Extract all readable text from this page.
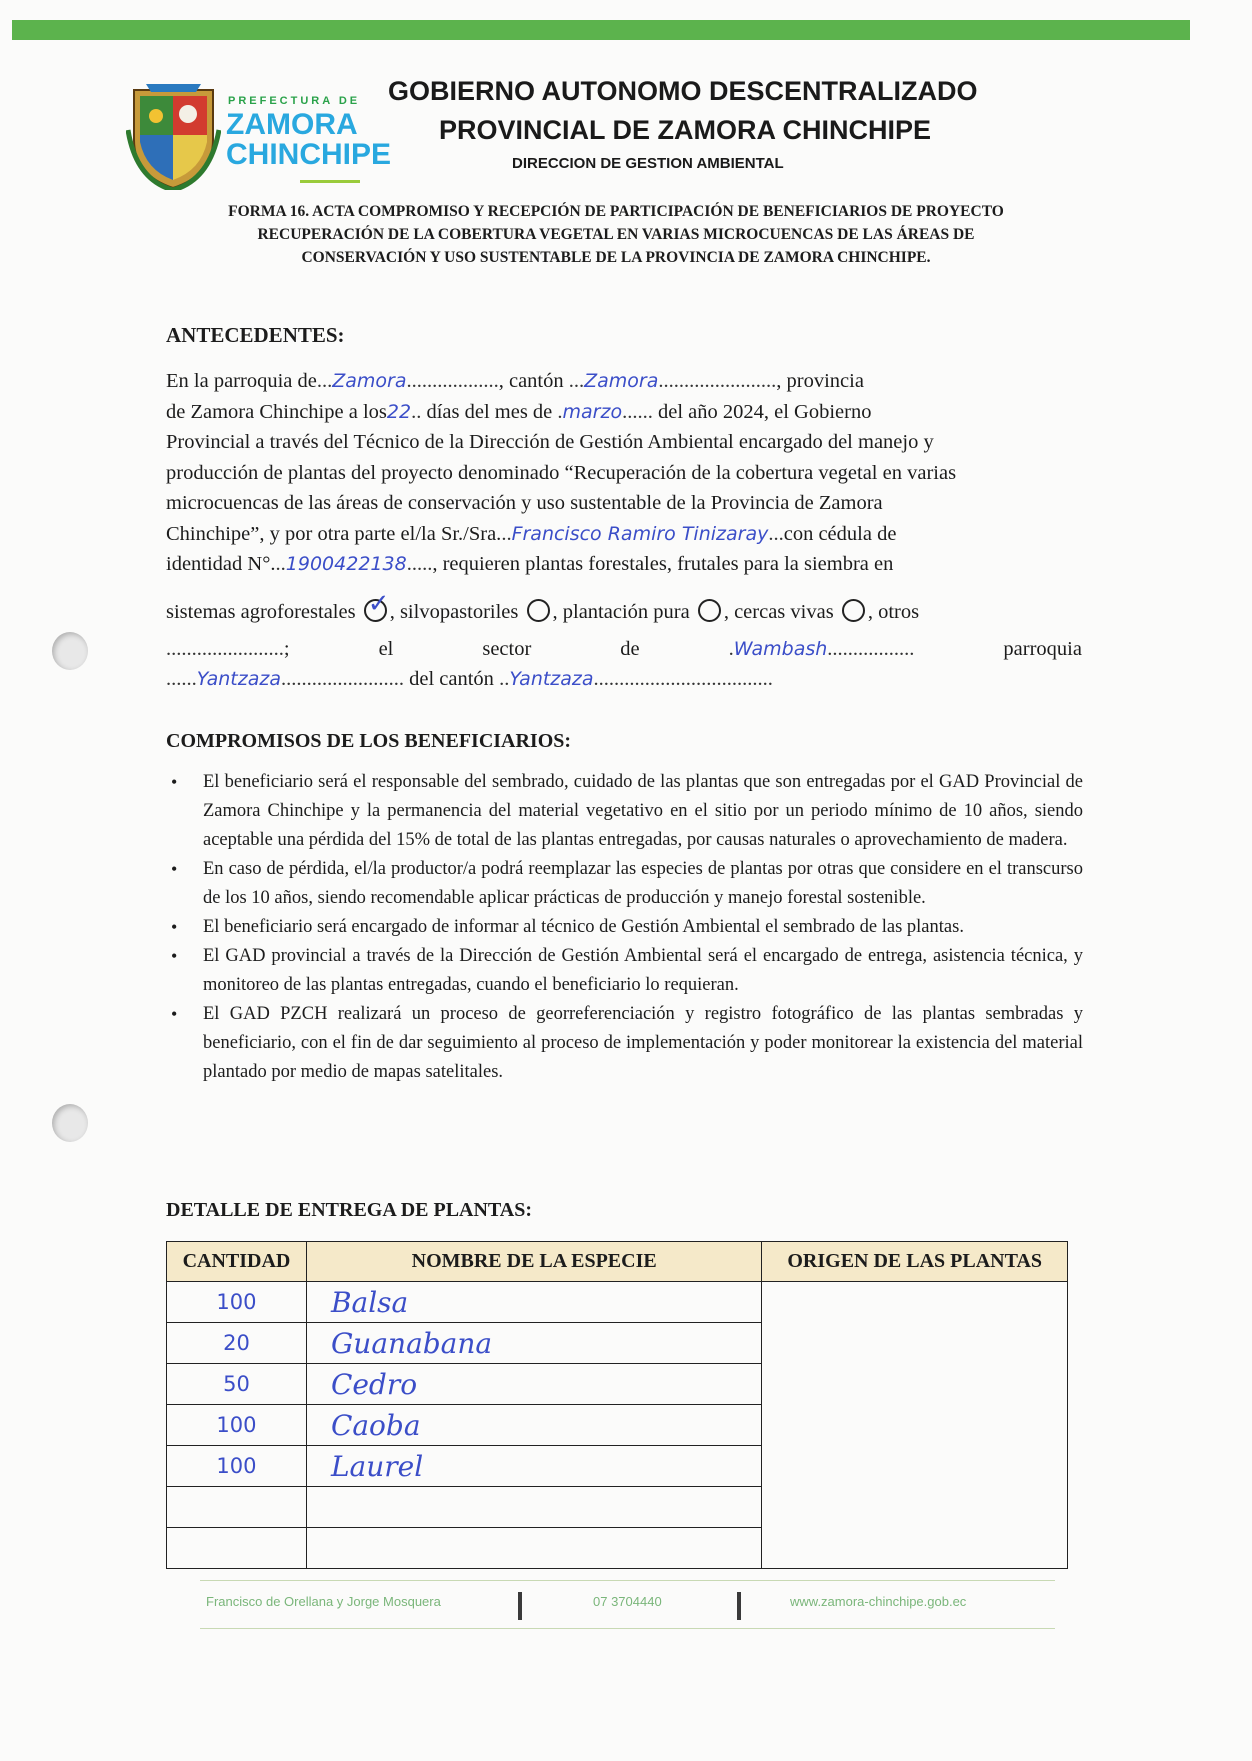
PREFECTURA DE
ZAMORA
CHINCHIPE
GOBIERNO AUTONOMO DESCENTRALIZADO
PROVINCIAL DE ZAMORA CHINCHIPE
DIRECCION DE GESTION AMBIENTAL
FORMA 16. ACTA COMPROMISO Y RECEPCIÓN DE PARTICIPACIÓN DE BENEFICIARIOS DE PROYECTO
RECUPERACIÓN DE LA COBERTURA VEGETAL EN VARIAS MICROCUENCAS DE LAS ÁREAS DE
CONSERVACIÓN Y USO SUSTENTABLE DE LA PROVINCIA DE ZAMORA CHINCHIPE.
ANTECEDENTES:
En la parroquia de...Zamora.................., cantón ...Zamora......................., provincia
de Zamora Chinchipe a los22.. días del mes de .marzo...... del año 2024, el Gobierno
Provincial a través del Técnico de la Dirección de Gestión Ambiental encargado del manejo y
producción de plantas del proyecto denominado “Recuperación de la cobertura vegetal en varias
microcuencas de las áreas de conservación y uso sustentable de la Provincia de Zamora
Chinchipe”, y por otra parte el/la Sr./Sra...Francisco Ramiro Tinizaray...con cédula de
identidad N°...1900422138....., requieren plantas forestales, frutales para la siembra en
sistemas agroforestales ✓ , silvopastoriles , plantación pura , cercas vivas , otros
.......................;	el	sector	de	.Wambash.................	parroquia
......Yantzaza........................ del cantón ..Yantzaza...................................
COMPROMISOS DE LOS BENEFICIARIOS:
• El beneficiario será el responsable del sembrado, cuidado de las plantas que son entregadas por el GAD Provincial de Zamora Chinchipe y la permanencia del material vegetativo en el sitio por un periodo mínimo de 10 años, siendo aceptable una pérdida del 15% de total de las plantas entregadas, por causas naturales o aprovechamiento de madera.
• En caso de pérdida, el/la productor/a podrá reemplazar las especies de plantas por otras que considere en el transcurso de los 10 años, siendo recomendable aplicar prácticas de producción y manejo forestal sostenible.
• El beneficiario será encargado de informar al técnico de Gestión Ambiental el sembrado de las plantas.
• El GAD provincial a través de la Dirección de Gestión Ambiental será el encargado de entrega, asistencia técnica, y monitoreo de las plantas entregadas, cuando el beneficiario lo requieran.
• El GAD PZCH realizará un proceso de georreferenciación y registro fotográfico de las plantas sembradas y beneficiario, con el fin de dar seguimiento al proceso de implementación y poder monitorear la existencia del material plantado por medio de mapas satelitales.
DETALLE DE ENTREGA DE PLANTAS:
CANTIDAD	NOMBRE DE LA ESPECIE	ORIGEN DE LAS PLANTAS
100	Balsa	
20	Guanabana	
50	Cedro	
100	Caoba	
100	Laurel	

Francisco de Orellana y Jorge Mosquera	07 3704440	www.zamora-chinchipe.gob.ec
